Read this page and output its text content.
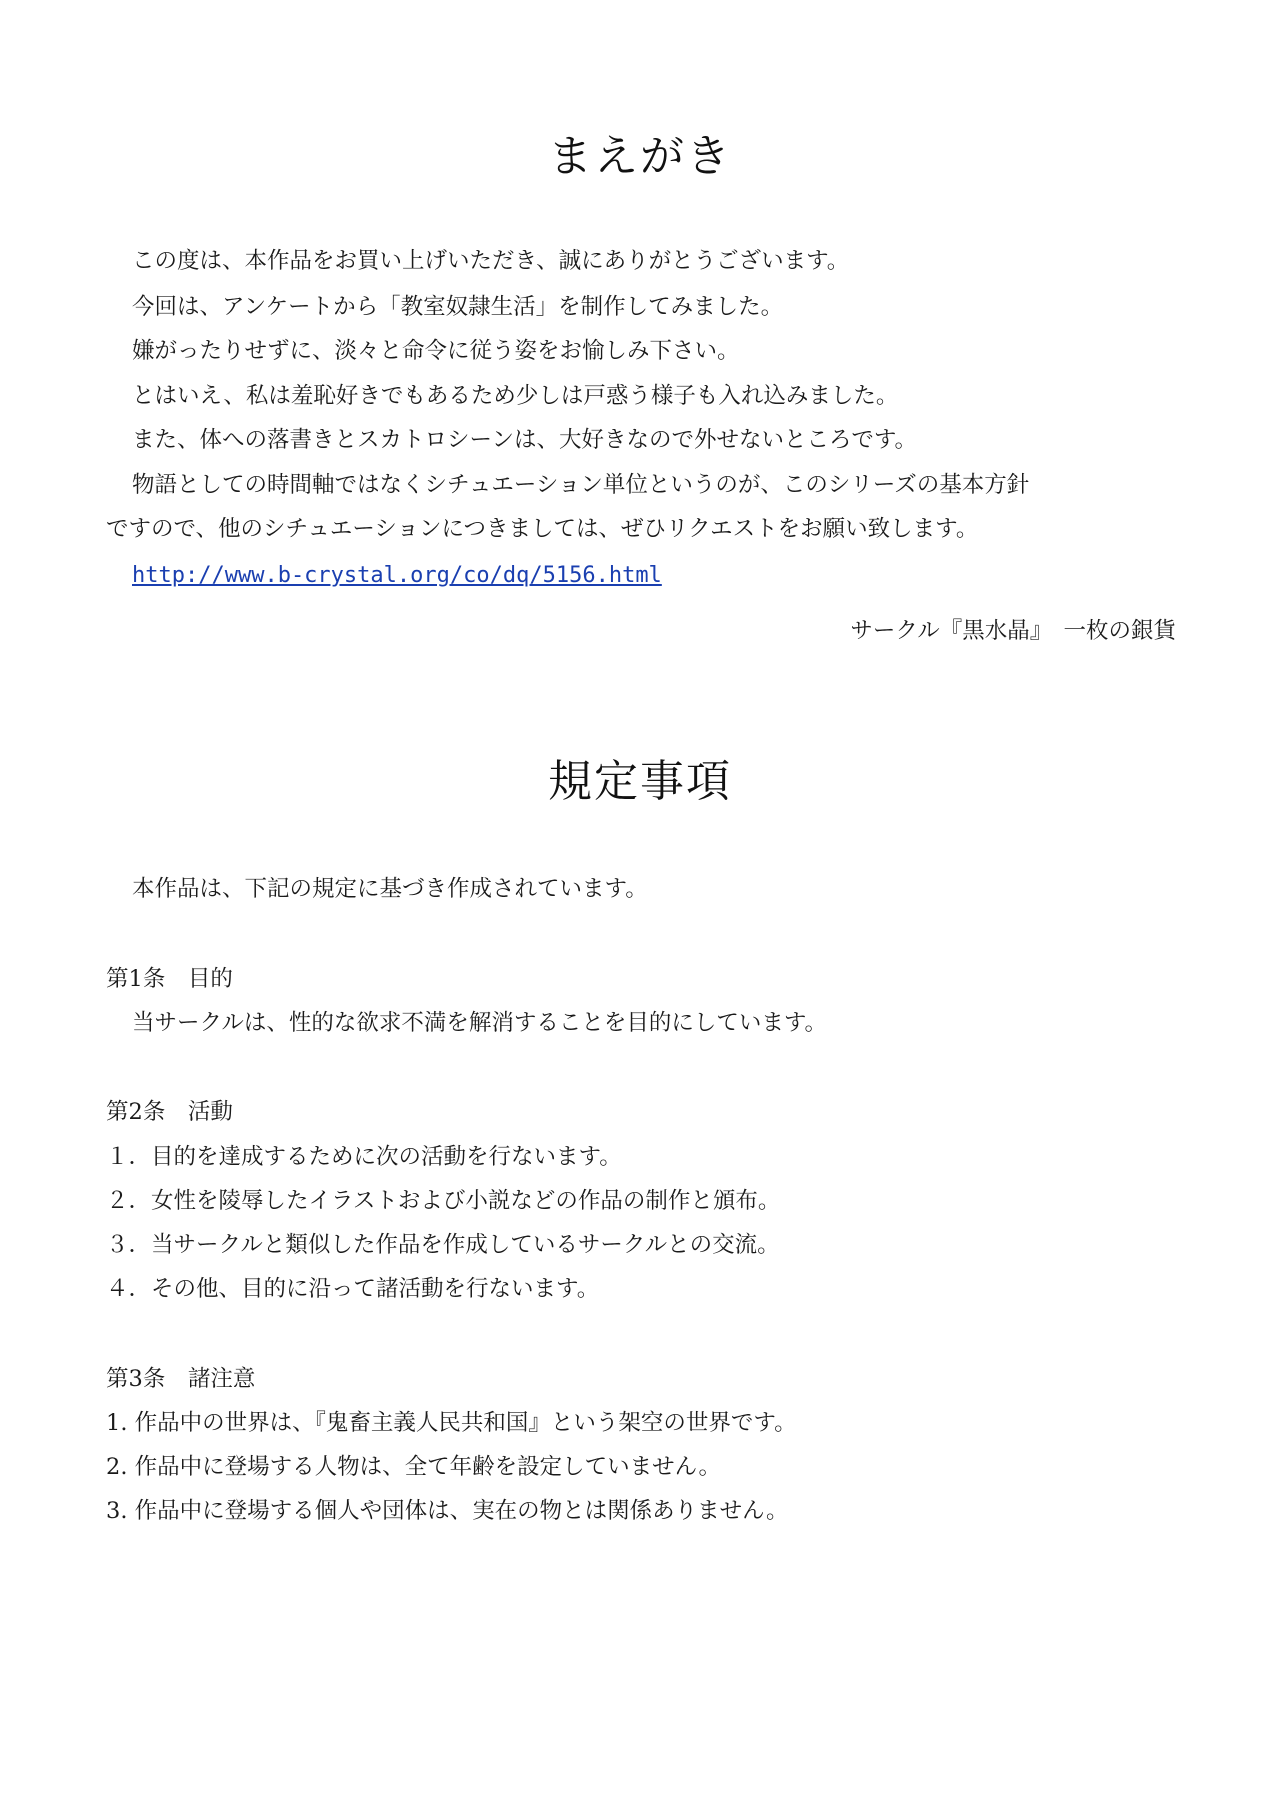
まえがき
この度は、本作品をお買い上げいただき、誠にありがとうございます。
今回は、アンケートから「教室奴隷生活」を制作してみました。
嫌がったりせずに、淡々と命令に従う姿をお愉しみ下さい。
とはいえ、私は羞恥好きでもあるため少しは戸惑う様子も入れ込みました。
また、体への落書きとスカトロシーンは、大好きなので外せないところです。
物語としての時間軸ではなくシチュエーション単位というのが、このシリーズの基本方針
ですので、他のシチュエーションにつきましては、ぜひリクエストをお願い致します。
http://www.b-crystal.org/co/dq/5156.html
サークル『黒水晶』　一枚の銀貨
規定事項
本作品は、下記の規定に基づき作成されています。
第1条　目的
当サークルは、性的な欲求不満を解消することを目的にしています。
第2条　活動
１．目的を達成するために次の活動を行ないます。
２．女性を陵辱したイラストおよび小説などの作品の制作と頒布。
３．当サークルと類似した作品を作成しているサークルとの交流。
４．その他、目的に沿って諸活動を行ないます。
第3条　諸注意
1. 作品中の世界は、『鬼畜主義人民共和国』という架空の世界です。
2. 作品中に登場する人物は、全て年齢を設定していません。
3. 作品中に登場する個人や団体は、実在の物とは関係ありません。
